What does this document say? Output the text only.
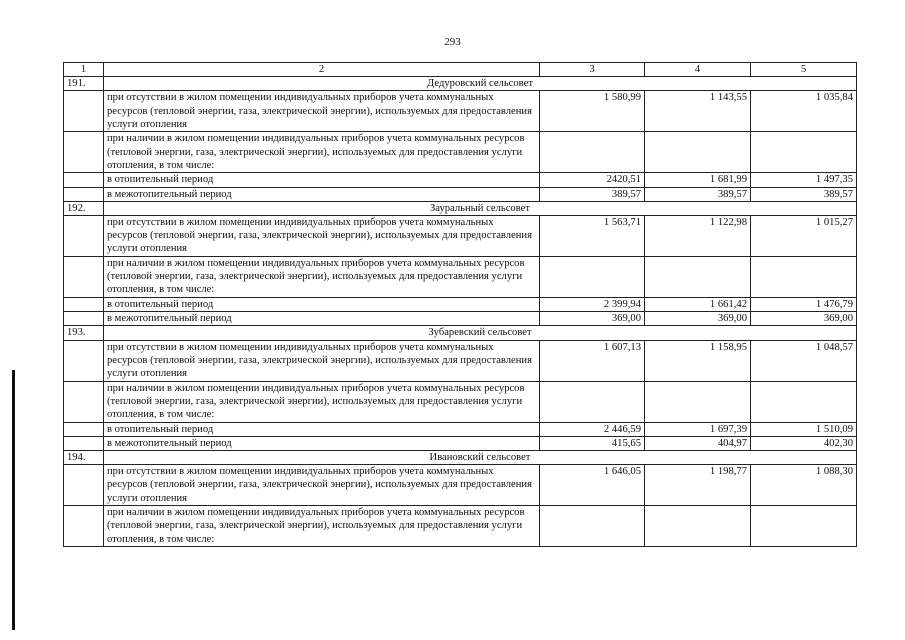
293
1	2	3	4	5
191.	Дедуровский сельсовет			
	при отсутствии в жилом помещении индивидуальных приборов учета коммунальных ресурсов (тепловой энергии, газа, электрической энергии), используемых для предоставления услуги отопления	1 580,99	1 143,55	1 035,84
	при наличии в жилом помещении индивидуальных приборов учета коммунальных ресурсов (тепловой энергии, газа, электрической энергии), используемых для предоставления услуги отопления, в том числе:			
	в отопительный период	2420,51	1 681,99	1 497,35
	в межотопительный период	389,57	389,57	389,57
192.	Зауральный сельсовет			
	при отсутствии в жилом помещении индивидуальных приборов учета коммунальных ресурсов (тепловой энергии, газа, электрической энергии), используемых для предоставления услуги отопления	1 563,71	1 122,98	1 015,27
	при наличии в жилом помещении индивидуальных приборов учета коммунальных ресурсов (тепловой энергии, газа, электрической энергии), используемых для предоставления услуги отопления, в том числе:			
	в отопительный период	2 399,94	1 661,42	1 476,79
	в межотопительный период	369,00	369,00	369,00
193.	Зубаревский сельсовет			
	при отсутствии в жилом помещении индивидуальных приборов учета коммунальных ресурсов (тепловой энергии, газа, электрической энергии), используемых для предоставления услуги отопления	1 607,13	1 158,95	1 048,57
	при наличии в жилом помещении индивидуальных приборов учета коммунальных ресурсов (тепловой энергии, газа, электрической энергии), используемых для предоставления услуги отопления, в том числе:			
	в отопительный период	2 446,59	1 697,39	1 510,09
	в межотопительный период	415,65	404,97	402,30
194.	Ивановский сельсовет			
	при отсутствии в жилом помещении индивидуальных приборов учета коммунальных ресурсов (тепловой энергии, газа, электрической энергии), используемых для предоставления услуги отопления	1 646,05	1 198,77	1 088,30
	при наличии в жилом помещении индивидуальных приборов учета коммунальных ресурсов (тепловой энергии, газа, электрической энергии), используемых для предоставления услуги отопления, в том числе:			
